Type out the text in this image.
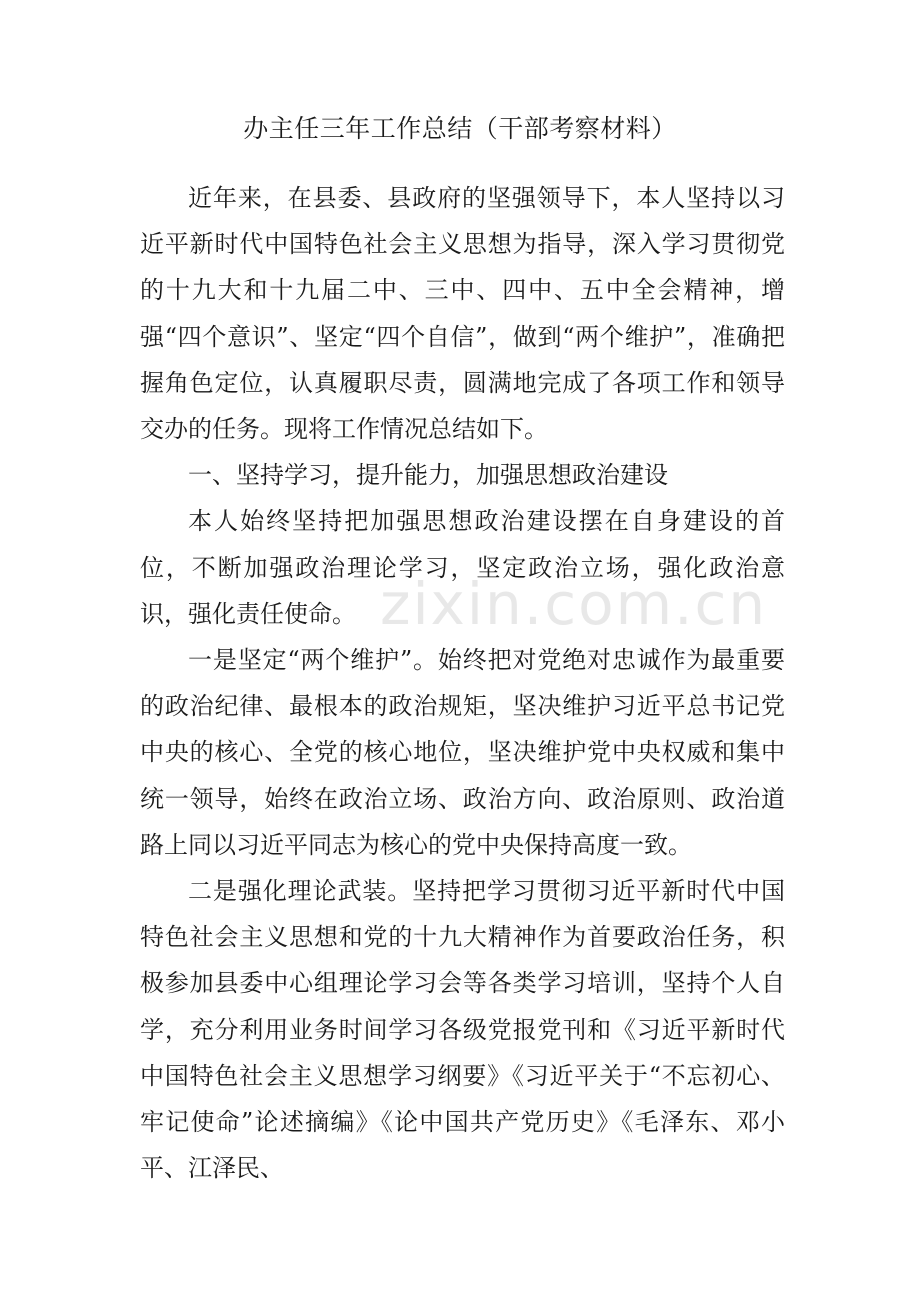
zixin.com.cn
办主任三年工作总结（干部考察材料）

近年来，在县委、县政府的坚强领导下，本人坚持以习近平新时代中国特色社会主义思想为指导，深入学习贯彻党的十九大和十九届二中、三中、四中、五中全会精神，增强“四个意识”、坚定“四个自信”，做到“两个维护”，准确把握角色定位，认真履职尽责，圆满地完成了各项工作和领导交办的任务。现将工作情况总结如下。

一、坚持学习，提升能力，加强思想政治建设

本人始终坚持把加强思想政治建设摆在自身建设的首位，不断加强政治理论学习，坚定政治立场，强化政治意识，强化责任使命。

一是坚定“两个维护”。始终把对党绝对忠诚作为最重要的政治纪律、最根本的政治规矩，坚决维护习近平总书记党中央的核心、全党的核心地位，坚决维护党中央权威和集中统一领导，始终在政治立场、政治方向、政治原则、政治道路上同以习近平同志为核心的党中央保持高度一致。

二是强化理论武装。坚持把学习贯彻习近平新时代中国特色社会主义思想和党的十九大精神作为首要政治任务，积极参加县委中心组理论学习会等各类学习培训，坚持个人自学，充分利用业务时间学习各级党报党刊和《习近平新时代中国特色社会主义思想学习纲要》《习近平关于“不忘初心、牢记使命”论述摘编》《论中国共产党历史》《毛泽东、邓小平、江泽民、
